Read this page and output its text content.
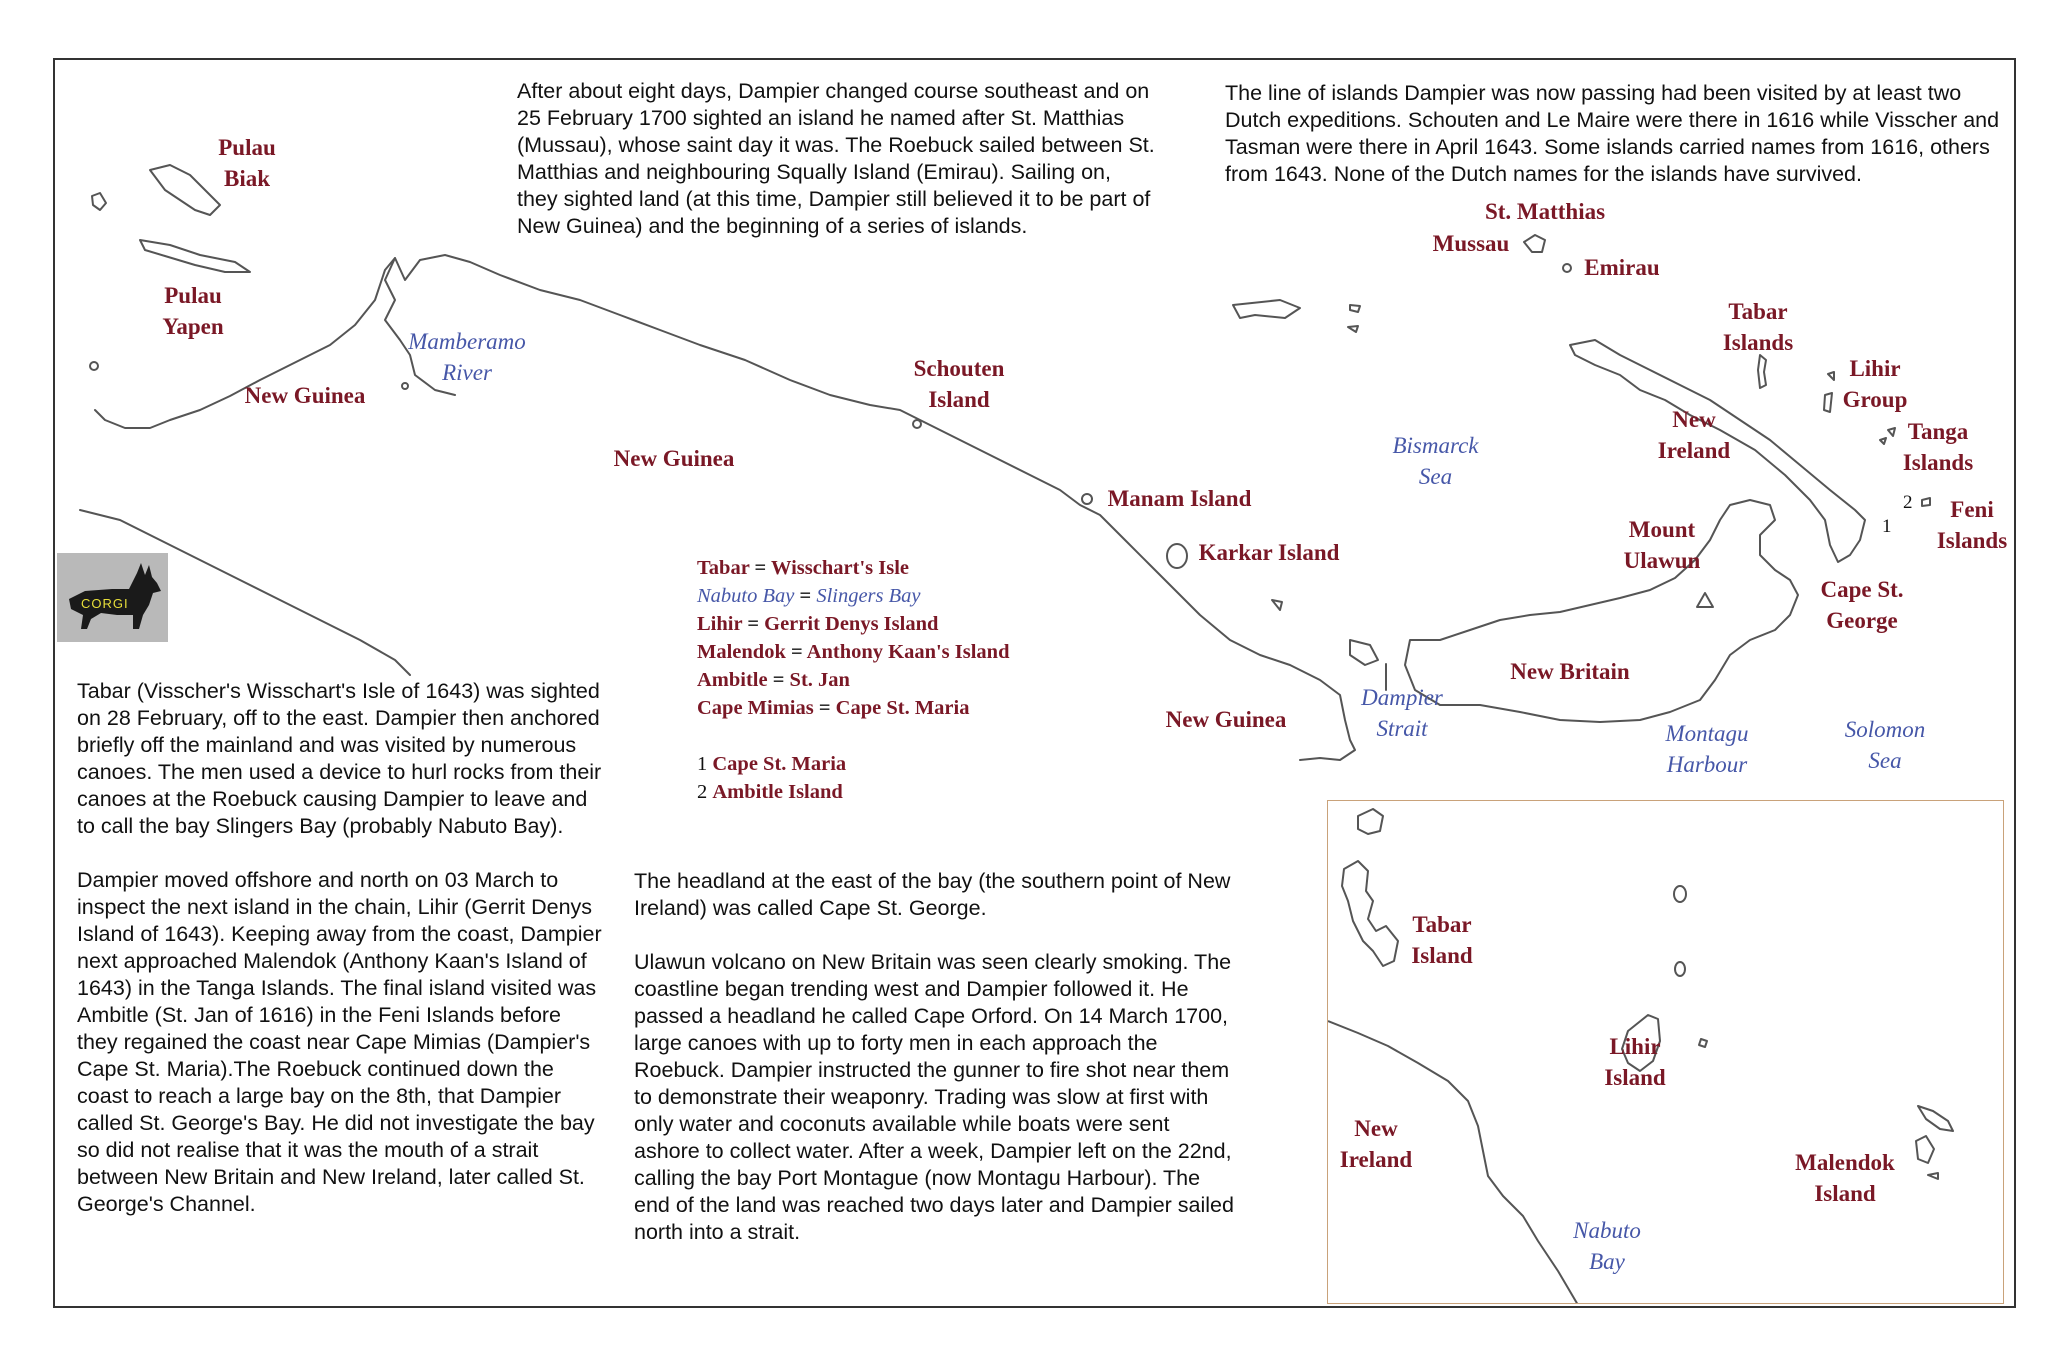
After about eight days, Dampier changed course southeast and on 25 February 1700 sighted an island he named after St. Matthias (Mussau), whose saint day it was. The Roebuck sailed between St. Matthias and neighbouring Squally Island (Emirau). Sailing on, they sighted land (at this time, Dampier still believed it to be part of New Guinea) and the beginning of a series of islands.

The line of islands Dampier was now passing had been visited by at least two Dutch expeditions. Schouten and Le Maire were there in 1616 while Visscher and Tasman were there in April 1643. Some islands carried names from 1616, others from 1643. None of the Dutch names for the islands have survived.

Tabar (Visscher's Wisschart's Isle of 1643) was sighted on 28 February, off to the east. Dampier then anchored briefly off the mainland and was visited by numerous canoes. The men used a device to hurl rocks from their canoes at the Roebuck causing Dampier to leave and to call the bay Slingers Bay (probably Nabuto Bay).

Dampier moved offshore and north on 03 March to inspect the next island in the chain, Lihir (Gerrit Denys Island of 1643). Keeping away from the coast, Dampier next approached Malendok (Anthony Kaan's Island of 1643) in the Tanga Islands. The final island visited was Ambitle (St. Jan of 1616) in the Feni Islands before they regained the coast near Cape Mimias (Dampier's Cape St. Maria).The Roebuck continued down the coast to reach a large bay on the 8th, that Dampier called St. George's Bay. He did not investigate the bay so did not realise that it was the mouth of a strait between New Britain and New Ireland, later called St. George's Channel.

The headland at the east of the bay (the southern point of New Ireland) was called Cape St. George.

Ulawun volcano on New Britain was seen clearly smoking. The coastline began trending west and Dampier followed it. He passed a headland he called Cape Orford. On 14 March 1700, large canoes with up to forty men in each approach the Roebuck. Dampier instructed the gunner to fire shot near them to demonstrate their weaponry. Trading was slow at first with only water and coconuts available while boats were sent ashore to collect water. After a week, Dampier left on the 22nd, calling the bay Port Montague (now Montagu Harbour). The end of the land was reached two days later and Dampier sailed north into a strait.

Pulau
Biak
Pulau
Yapen
Mamberamo
River
New Guinea
New Guinea
New Guinea
Schouten
Island
Manam Island
Karkar Island
St. Matthias
Mussau
Emirau
Tabar
Islands
Lihir
Group
Tanga
Islands
Feni
Islands
New
Ireland
Bismarck
Sea
Mount
Ulawun
Cape St.
George
New Britain
Dampier
Strait	Montagu
Harbour
Solomon
Sea
1
2
Tabar = Wisschart's Isle
Nabuto Bay = Slingers Bay
Lihir = Gerrit Denys Island
Malendok = Anthony Kaan's Island
Ambitle = St. Jan
Cape Mimias = Cape St. Maria
1 Cape St. Maria
2 Ambitle Island
CORGI
Tabar
Island
Lihir
Island
New
Ireland	Malendok
Island
Nabuto
Bay
